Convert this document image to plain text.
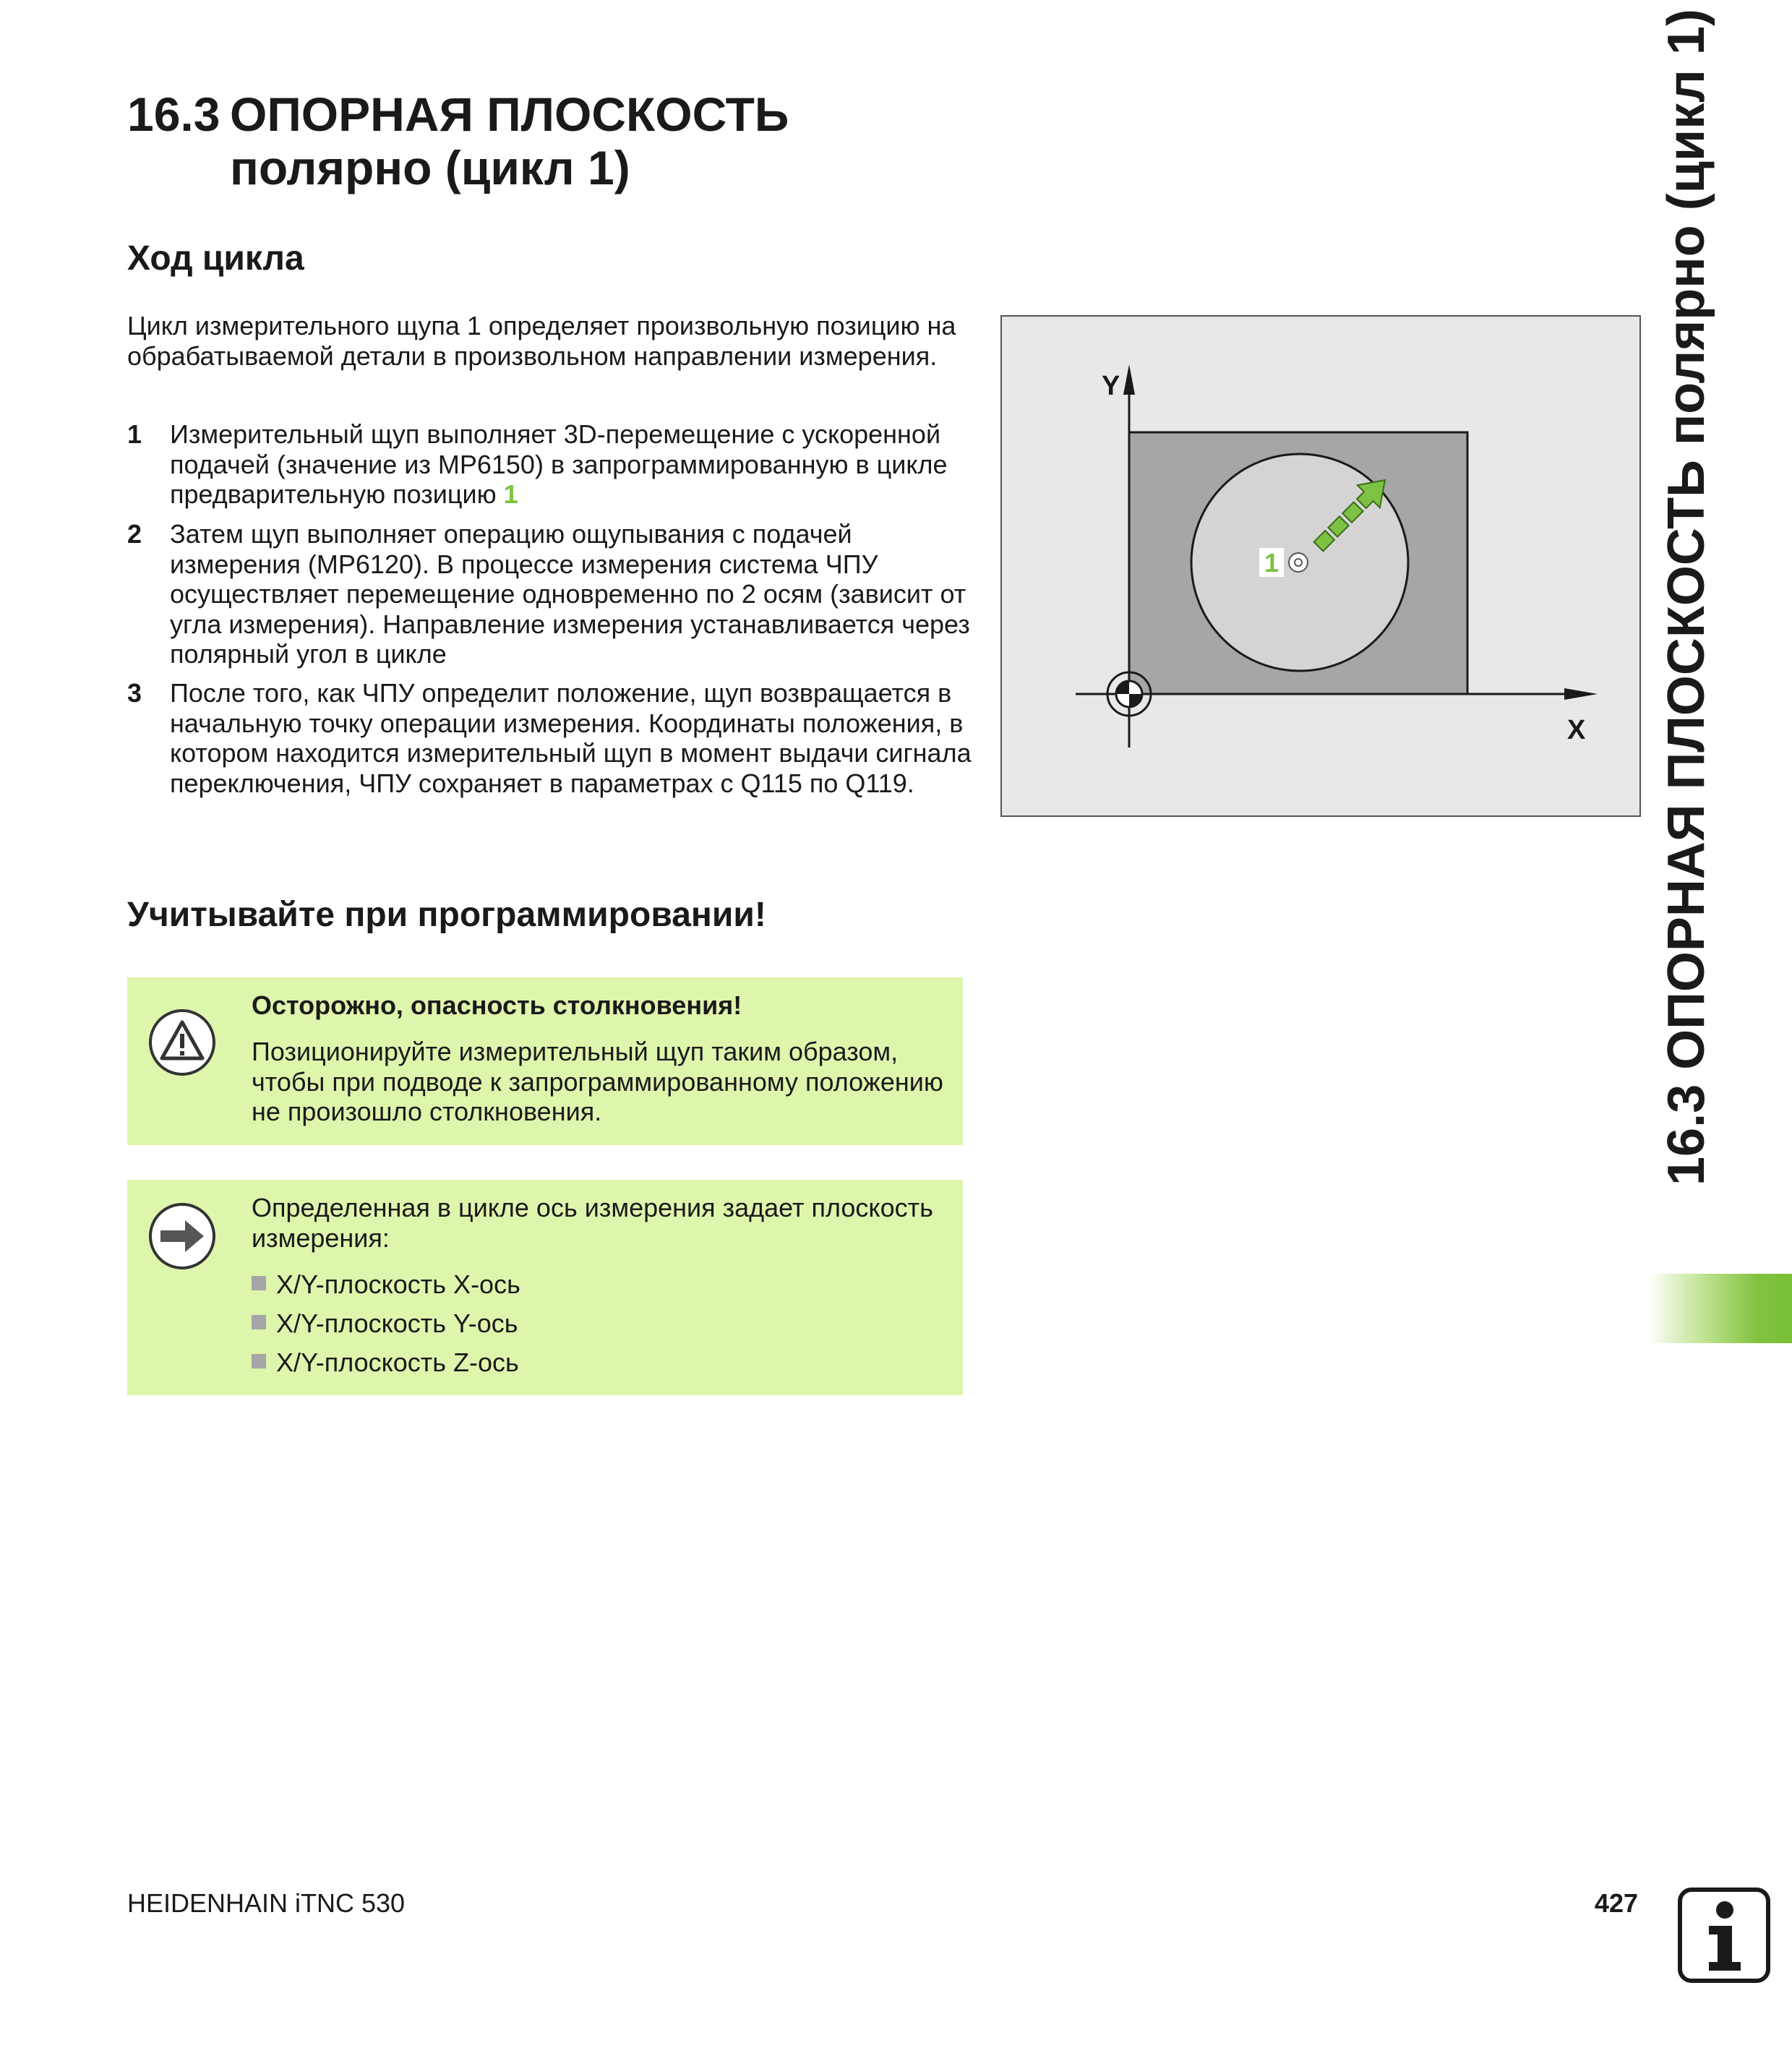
16.3 ОПОРНАЯ ПЛОСКОСТЬ
полярно (цикл 1)
Ход цикла
Цикл измерительного щупа 1 определяет произвольную позицию на обрабатываемой детали в произвольном направлении измерения.
1 Измерительный щуп выполняет 3D-перемещение с ускоренной подачей (значение из MP6150) в запрограммированную в цикле предварительную позицию 1
2 Затем щуп выполняет операцию ощупывания с подачей измерения (MP6120). В процессе измерения система ЧПУ осуществляет перемещение одновременно по 2 осям (зависит от угла измерения). Направление измерения устанавливается через полярный угол в цикле
3 После того, как ЧПУ определит положение, щуп возвращается в начальную точку операции измерения. Координаты положения, в котором находится измерительный щуп в момент выдачи сигнала переключения, ЧПУ сохраняет в параметрах с Q115 по Q119.
Учитывайте при программировании!
Осторожно, опасность столкновения!
Позиционируйте измерительный щуп таким образом, чтобы при подводе к запрограммированному положению не произошло столкновения.
Определенная в цикле ось измерения задает плоскость измерения:
X/Y-плоскость X-ось
X/Y-плоскость Y-ось
X/Y-плоскость Z-ось
1
Y
X 16.3 ОПОРНАЯ ПЛОСКОСТЬ полярно (цикл 1)
HEIDENHAIN iTNC 530	427
